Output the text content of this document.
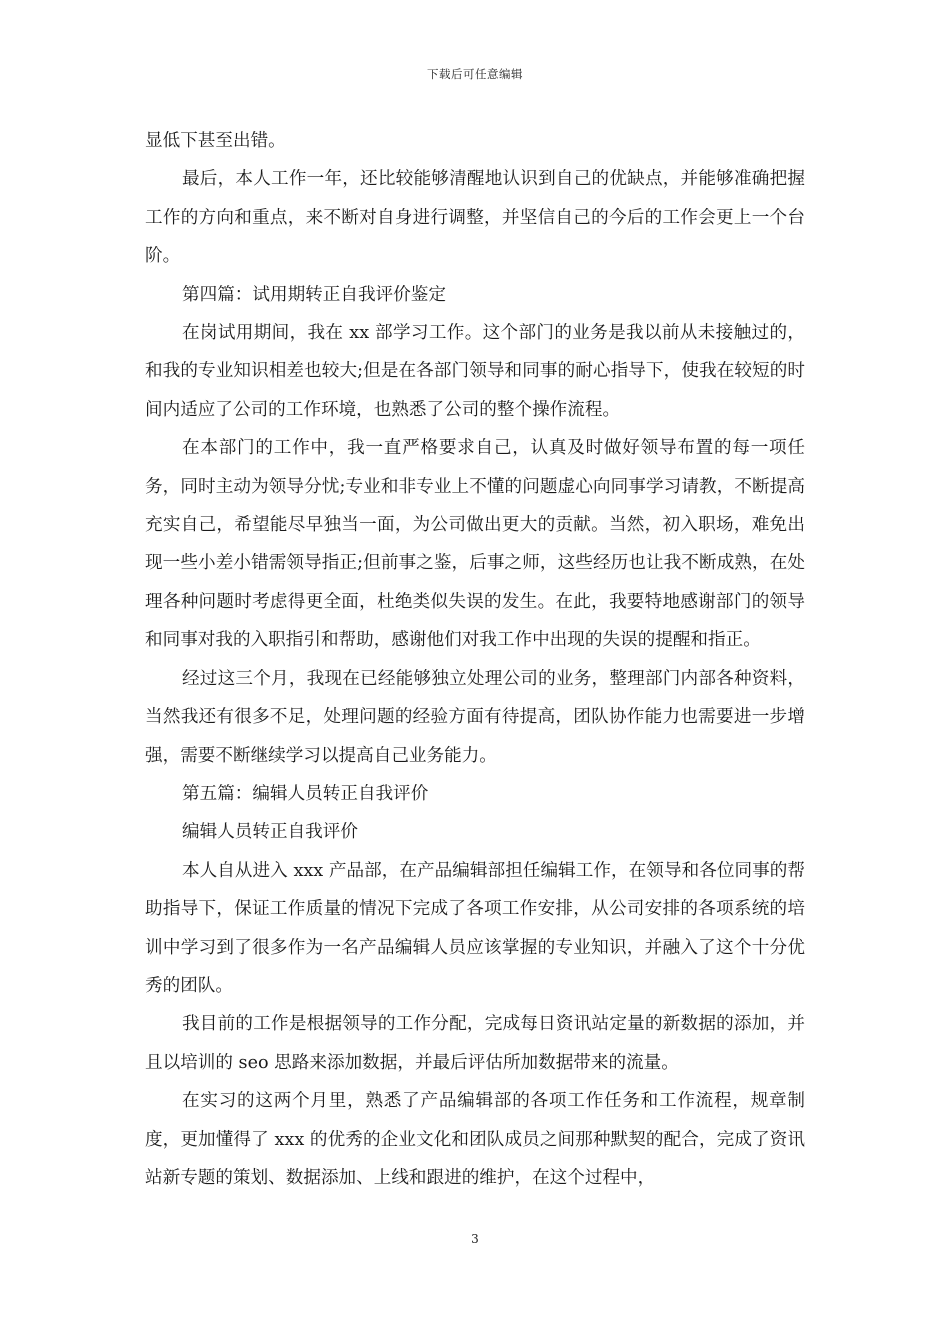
下载后可任意编辑

显低下甚至出错。

最后，本人工作一年，还比较能够清醒地认识到自己的优缺点，并能够准确把握工作的方向和重点，来不断对自身进行调整，并坚信自己的今后的工作会更上一个台阶。

第四篇：试用期转正自我评价鉴定

在岗试用期间，我在 xx 部学习工作。这个部门的业务是我以前从未接触过的，和我的专业知识相差也较大;但是在各部门领导和同事的耐心指导下，使我在较短的时间内适应了公司的工作环境，也熟悉了公司的整个操作流程。

在本部门的工作中，我一直严格要求自己，认真及时做好领导布置的每一项任务，同时主动为领导分忧;专业和非专业上不懂的问题虚心向同事学习请教，不断提高充实自己，希望能尽早独当一面，为公司做出更大的贡献。当然，初入职场，难免出现一些小差小错需领导指正;但前事之鉴，后事之师，这些经历也让我不断成熟，在处理各种问题时考虑得更全面，杜绝类似失误的发生。在此，我要特地感谢部门的领导和同事对我的入职指引和帮助，感谢他们对我工作中出现的失误的提醒和指正。

经过这三个月，我现在已经能够独立处理公司的业务，整理部门内部各种资料，当然我还有很多不足，处理问题的经验方面有待提高，团队协作能力也需要进一步增强，需要不断继续学习以提高自己业务能力。

第五篇：编辑人员转正自我评价

编辑人员转正自我评价

本人自从进入 xxx 产品部，在产品编辑部担任编辑工作，在领导和各位同事的帮助指导下，保证工作质量的情况下完成了各项工作安排，从公司安排的各项系统的培训中学习到了很多作为一名产品编辑人员应该掌握的专业知识，并融入了这个十分优秀的团队。

我目前的工作是根据领导的工作分配，完成每日资讯站定量的新数据的添加，并且以培训的 seo 思路来添加数据，并最后评估所加数据带来的流量。

在实习的这两个月里，熟悉了产品编辑部的各项工作任务和工作流程，规章制度，更加懂得了 xxx 的优秀的企业文化和团队成员之间那种默契的配合，完成了资讯站新专题的策划、数据添加、上线和跟进的维护，在这个过程中，

3
